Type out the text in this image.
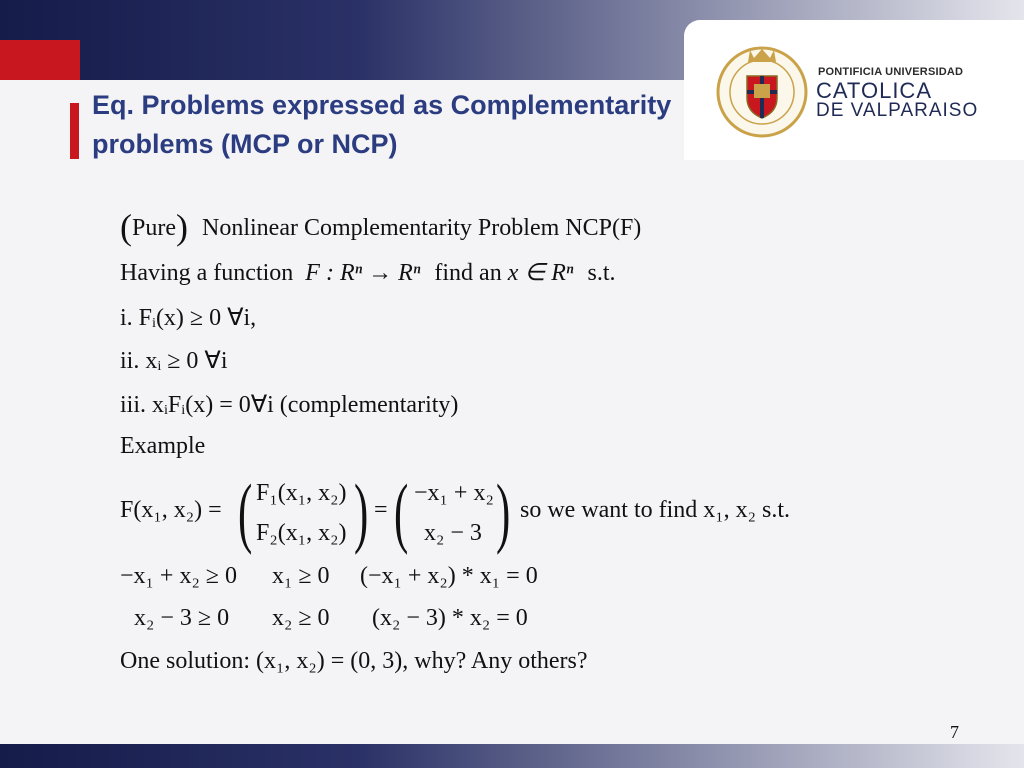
PONTIFICIA UNIVERSIDAD
CATOLICA
DE VALPARAISO
Eq. Problems expressed as Complementarity problems (MCP or NCP)
(Pure) Nonlinear Complementarity Problem NCP(F)
Having a function F : Rⁿ → Rⁿ find an x ∈ Rⁿ s.t.
i. Fᵢ(x) ≥ 0 ∀i,
ii. xᵢ ≥ 0 ∀i
iii. xᵢFᵢ(x) = 0∀i (complementarity)
Example
F(x₁, x₂) = ( F₁(x₁, x₂)
F₂(x₁, x₂) ) = ( −x₁ + x₂
x₂ − 3 ) so we want to find x₁, x₂ s.t.
−x₁ + x₂ ≥ 0 x₁ ≥ 0 (−x₁ + x₂) * x₁ = 0
x₂ − 3 ≥ 0 x₂ ≥ 0 (x₂ − 3) * x₂ = 0
One solution: (x₁, x₂) = (0, 3), why? Any others?
7
